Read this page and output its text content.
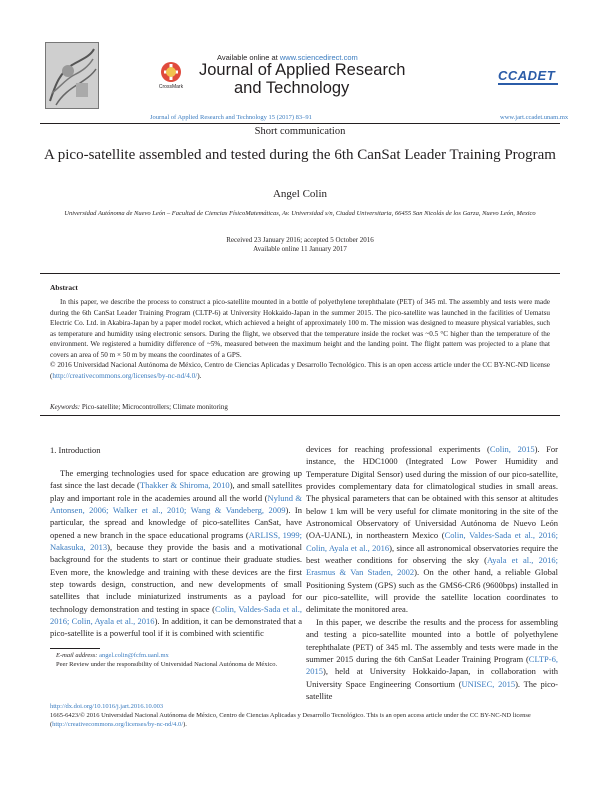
Available online at www.sciencedirect.com
CrossMark
Journal of Applied Research
and Technology
CCADET
Journal of Applied Research and Technology 15 (2017) 83–91	www.jart.ccadet.unam.mx
Short communication
A pico-satellite assembled and tested during the 6th CanSat Leader Training Program
Angel Colin
Universidad Autónoma de Nuevo León – Facultad de Ciencias FísicoMatemáticas, Av. Universidad s/n, Ciudad Universitaria, 66455 San Nicolás de los Garza, Nuevo León, Mexico
Received 23 January 2016; accepted 5 October 2016
Available online 11 January 2017
Abstract

In this paper, we describe the process to construct a pico-satellite mounted in a bottle of polyethylene terephthalate (PET) of 345 ml. The assembly and tests were made during the 6th CanSat Leader Training Program (CLTP-6) at University Hokkaido-Japan in the summer 2015. The pico-satellite was launched in the facilities of Uematsu Electric Co. Ltd. in Akabira-Japan by a paper model rocket, which achieved a height of approximately 100 m. The mission was designed to measure physical variables, such as temperature and humidity using electronic sensors. During the flight, we observed that the temperature inside the rocket was ~0.5 °C higher than the temperature of the environment. We registered a humidity difference of ~5%, measured between the maximum height and the landing point. The flight pattern was projected to a plane that covers an area of 50 m × 50 m by means the coordinates of a GPS.

© 2016 Universidad Nacional Autónoma de México, Centro de Ciencias Aplicadas y Desarrollo Tecnológico. This is an open access article under the CC BY-NC-ND license (http://creativecommons.org/licenses/by-nc-nd/4.0/).

Keywords: Pico-satellite; Microcontrollers; Climate monitoring
1. Introduction

The emerging technologies used for space education are growing up fast since the last decade (Thakker & Shiroma, 2010), and small satellites play and important role in the academies around all the world (Nylund & Antonsen, 2006; Walker et al., 2010; Wang & Vandeberg, 2009). In particular, the spread and knowledge of pico-satellites CanSat, have opened a new branch in the space educational programs (ARLISS, 1999; Nakasuka, 2013), because they provide the basis and a motivational background for the students to start or continue their graduate studies. Even more, the knowledge and training with these devices are the first step towards design, construction, and new developments of small satellites that include miniaturized instruments as a payload for technology demonstration and testing in space (Colin, Valdes-Sada et al., 2016; Colin, Ayala et al., 2016). In addition, it can be demonstrated that a pico-satellite is a powerful tool if it is combined with scientific

devices for reaching professional experiments (Colin, 2015). For instance, the HDC1000 (Integrated Low Power Humidity and Temperature Digital Sensor) used during the mission of our pico-satellite, provides complementary data for climatological studies in small areas. The physical parameters that can be obtained with this sensor at altitudes below 1 km will be very useful for climate monitoring in the site of the Astronomical Observatory of Universidad Autónoma de Nuevo León (OA-UANL), in northeastern Mexico (Colin, Valdes-Sada et al., 2016; Colin, Ayala et al., 2016), since all astronomical observatories require the best weather conditions for observing the sky (Ayala et al., 2016; Erasmus & Van Staden, 2002). On the other hand, a reliable Global Positioning System (GPS) such as the GMS6-CR6 (9600bps) installed in our pico-satellite, will provide the satellite location coordinates to delimitate the monitored area.

In this paper, we describe the results and the process for assembling and testing a pico-satellite mounted into a bottle of polyethylene terephthalate (PET) of 345 ml. The assembly and tests were made in the summer 2015 during the 6th CanSat Leader Training Program (CLTP-6, 2015), held at University Hokkaido-Japan, in collaboration with University Space Engineering Consortium (UNISEC, 2015). The pico-satellite

E-mail address: angel.colin@fcfm.uanl.mx
Peer Review under the responsibility of Universidad Nacional Autónoma de México.
http://dx.doi.org/10.1016/j.jart.2016.10.003
1665-6423/© 2016 Universidad Nacional Autónoma de México, Centro de Ciencias Aplicadas y Desarrollo Tecnológico. This is an open access article under the CC BY-NC-ND license (http://creativecommons.org/licenses/by-nc-nd/4.0/).
